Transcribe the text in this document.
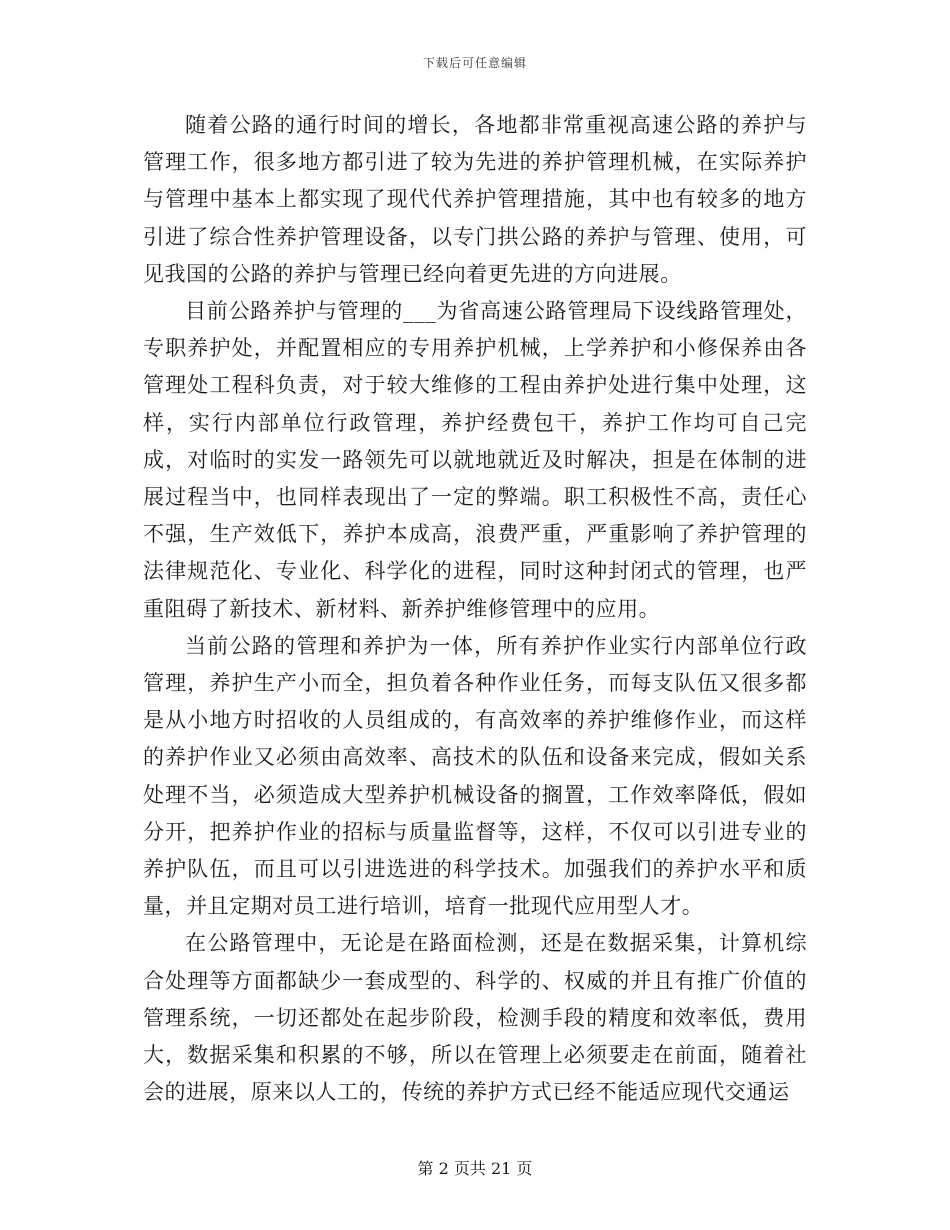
下载后可任意编辑

随着公路的通行时间的增长，各地都非常重视高速公路的养护与管理工作，很多地方都引进了较为先进的养护管理机械，在实际养护与管理中基本上都实现了现代代养护管理措施，其中也有较多的地方引进了综合性养护管理设备，以专门拱公路的养护与管理、使用，可见我国的公路的养护与管理已经向着更先进的方向进展。

目前公路养护与管理的___为省高速公路管理局下设线路管理处，专职养护处，并配置相应的专用养护机械，上学养护和小修保养由各管理处工程科负责，对于较大维修的工程由养护处进行集中处理，这样，实行内部单位行政管理，养护经费包干，养护工作均可自己完成，对临时的实发一路领先可以就地就近及时解决，担是在体制的进展过程当中，也同样表现出了一定的弊端。职工积极性不高，责任心不强，生产效低下，养护本成高，浪费严重，严重影响了养护管理的法律规范化、专业化、科学化的进程，同时这种封闭式的管理，也严重阻碍了新技术、新材料、新养护维修管理中的应用。

当前公路的管理和养护为一体，所有养护作业实行内部单位行政管理，养护生产小而全，担负着各种作业任务，而每支队伍又很多都是从小地方时招收的人员组成的，有高效率的养护维修作业，而这样的养护作业又必须由高效率、高技术的队伍和设备来完成，假如关系处理不当，必须造成大型养护机械设备的搁置，工作效率降低，假如分开，把养护作业的招标与质量监督等，这样，不仅可以引进专业的养护队伍，而且可以引进选进的科学技术。加强我们的养护水平和质量，并且定期对员工进行培训，培育一批现代应用型人才。

在公路管理中，无论是在路面检测，还是在数据采集，计算机综合处理等方面都缺少一套成型的、科学的、权威的并且有推广价值的管理系统，一切还都处在起步阶段，检测手段的精度和效率低，费用大，数据采集和积累的不够，所以在管理上必须要走在前面，随着社会的进展，原来以人工的，传统的养护方式已经不能适应现代交通运

第 2 页共 21 页
